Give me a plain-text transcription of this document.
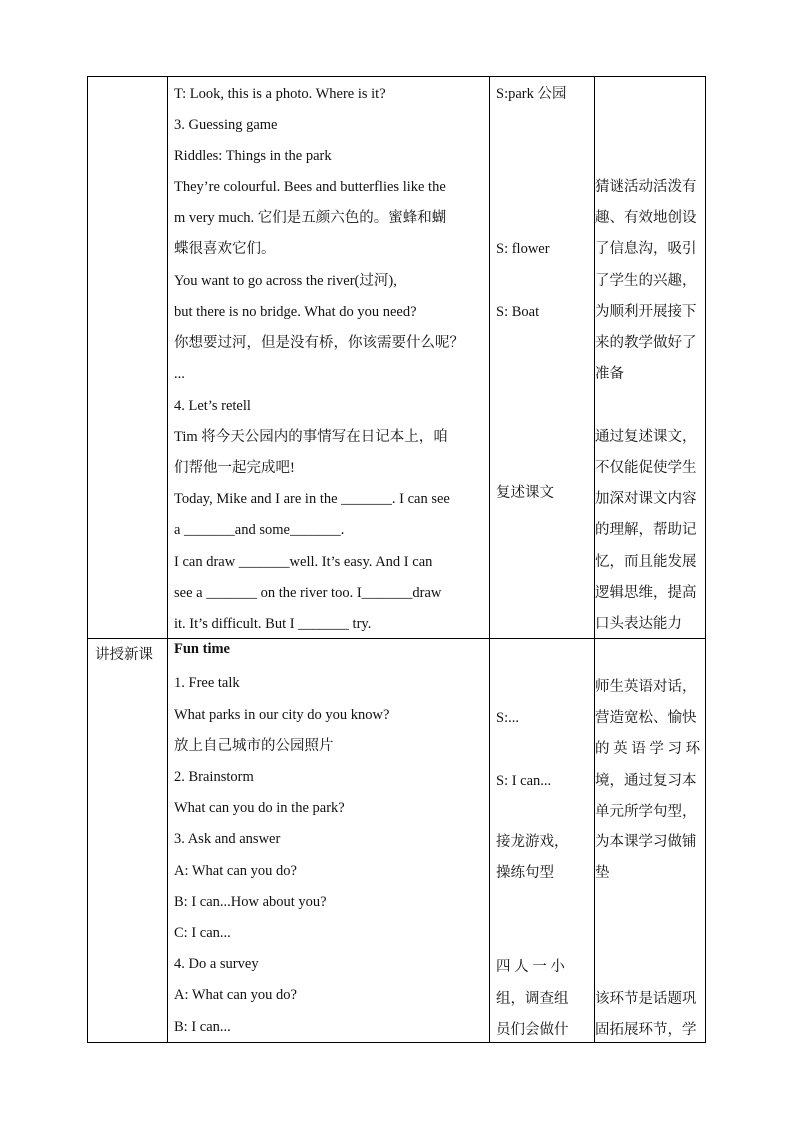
讲授新课
T: Look, this is a photo. Where is it?
3. Guessing game
Riddles: Things in the park
They’re colourful. Bees and butterflies like the
m very much. 它们是五颜六色的。蜜蜂和蝴
蝶很喜欢它们。
You want to go across the river(过河),
but there is no bridge. What do you need?
你想要过河，但是没有桥，你该需要什么呢？
...
4. Let’s retell
Tim 将今天公园内的事情写在日记本上，咱
们帮他一起完成吧!
Today, Mike and I are in the _______. I can see
a _______and some_______.
I can draw _______well. It’s easy. And I can
see a _______ on the river too. I_______draw
it. It’s difficult. But I _______ try.
S:park 公园
S: flower
S: Boat
复述课文
猜谜活动活泼有
趣、有效地创设
了信息沟，吸引
了学生的兴趣，
为顺利开展接下
来的教学做好了
准备
通过复述课文，
不仅能促使学生
加深对课文内容
的理解，帮助记
忆，而且能发展
逻辑思维，提高
口头表达能力
Fun time
1. Free talk
What parks in our city do you know?
放上自己城市的公园照片
2. Brainstorm
What can you do in the park?
3. Ask and answer
A: What can you do?
B: I can...How about you?
C: I can...
4. Do a survey
A: What can you do?
B: I can...
S:...
S: I can...
接龙游戏，
操练句型
四 人 一 小
组，调查组
员们会做什
师生英语对话，
营造宽松、愉快
的 英 语 学 习 环
境，通过复习本
单元所学句型，
为本课学习做铺
垫
该环节是话题巩
固拓展环节，学
